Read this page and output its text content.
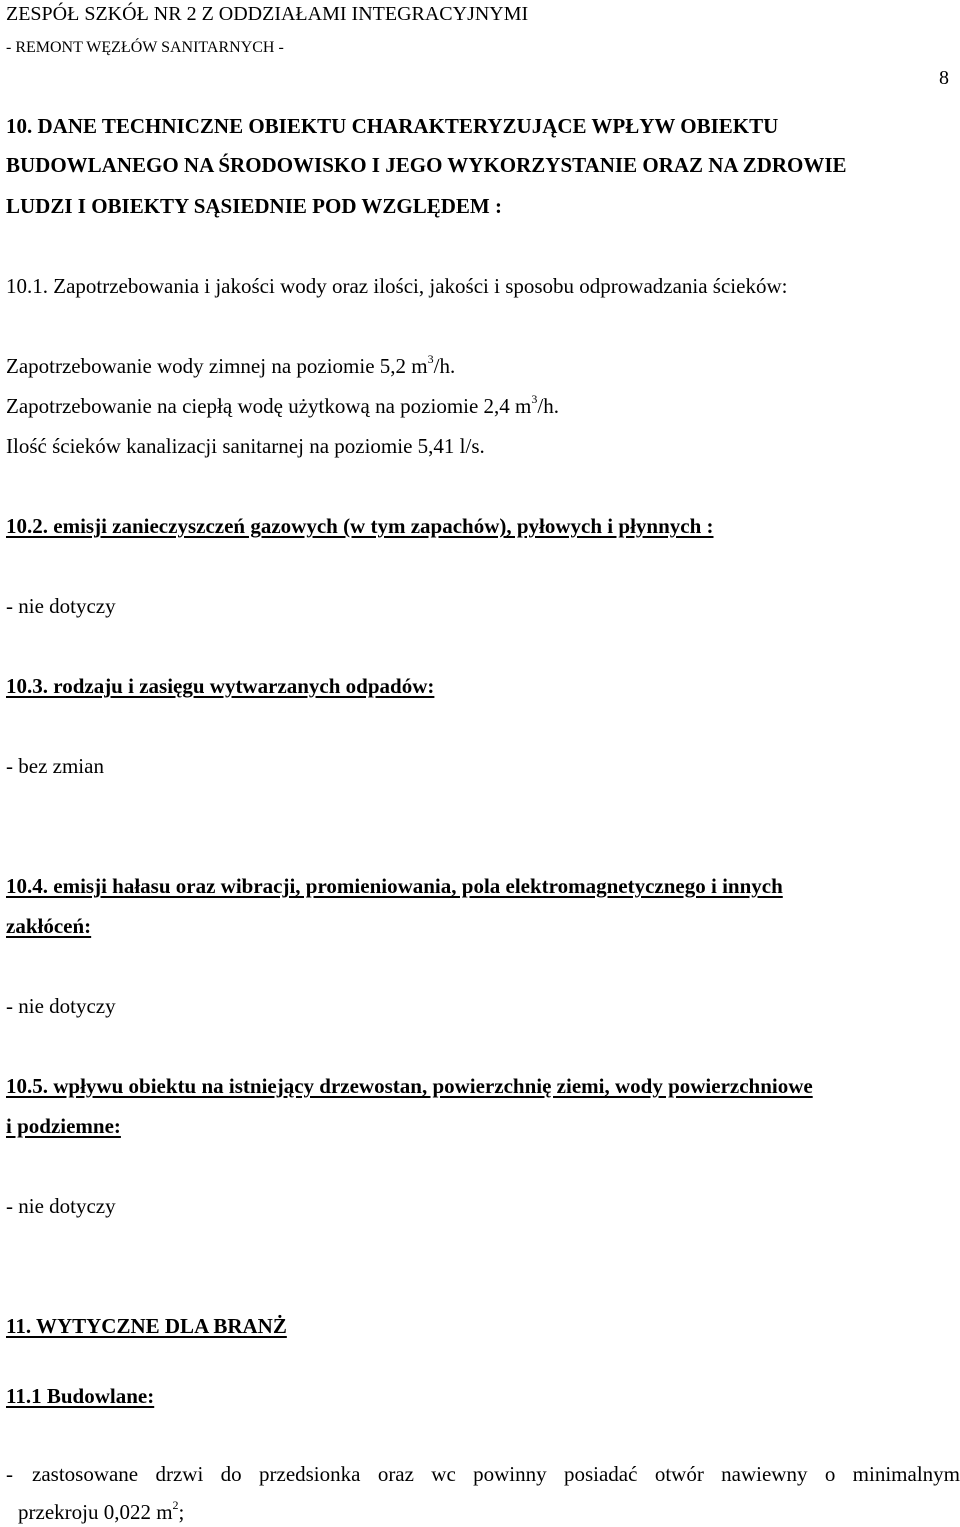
ZESPÓŁ SZKÓŁ NR 2 Z ODDZIAŁAMI INTEGRACYJNYMI
- REMONT WĘZŁÓW SANITARNYCH -
8
10. DANE TECHNICZNE OBIEKTU CHARAKTERYZUJĄCE WPŁYW OBIEKTU
BUDOWLANEGO NA ŚRODOWISKO I JEGO WYKORZYSTANIE ORAZ NA ZDROWIE
LUDZI I OBIEKTY SĄSIEDNIE POD WZGLĘDEM :
10.1. Zapotrzebowania i jakości wody oraz ilości, jakości i sposobu odprowadzania ścieków:
Zapotrzebowanie wody zimnej na poziomie 5,2 $m^3/h$.
Zapotrzebowanie na ciepłą wodę użytkową na poziomie 2,4 $m^3/h$.
Ilość ścieków kanalizacji sanitarnej na poziomie 5,41 l/s.
10.2. emisji zanieczyszczeń gazowych (w tym zapachów), pyłowych i płynnych :
- nie dotyczy
10.3. rodzaju i zasięgu wytwarzanych odpadów:
- bez zmian
10.4. emisji hałasu oraz wibracji, promieniowania, pola elektromagnetycznego i innych
zakłóceń:
- nie dotyczy
10.5. wpływu obiektu na istniejący drzewostan, powierzchnię ziemi, wody powierzchniowe
i podziemne:
- nie dotyczy
11. WYTYCZNE DLA BRANŻ
11.1 Budowlane:
- zastosowane drzwi do przedsionka oraz wc powinny posiadać otwór nawiewny o minimalnym
przekroju 0,022 $m^2$;
